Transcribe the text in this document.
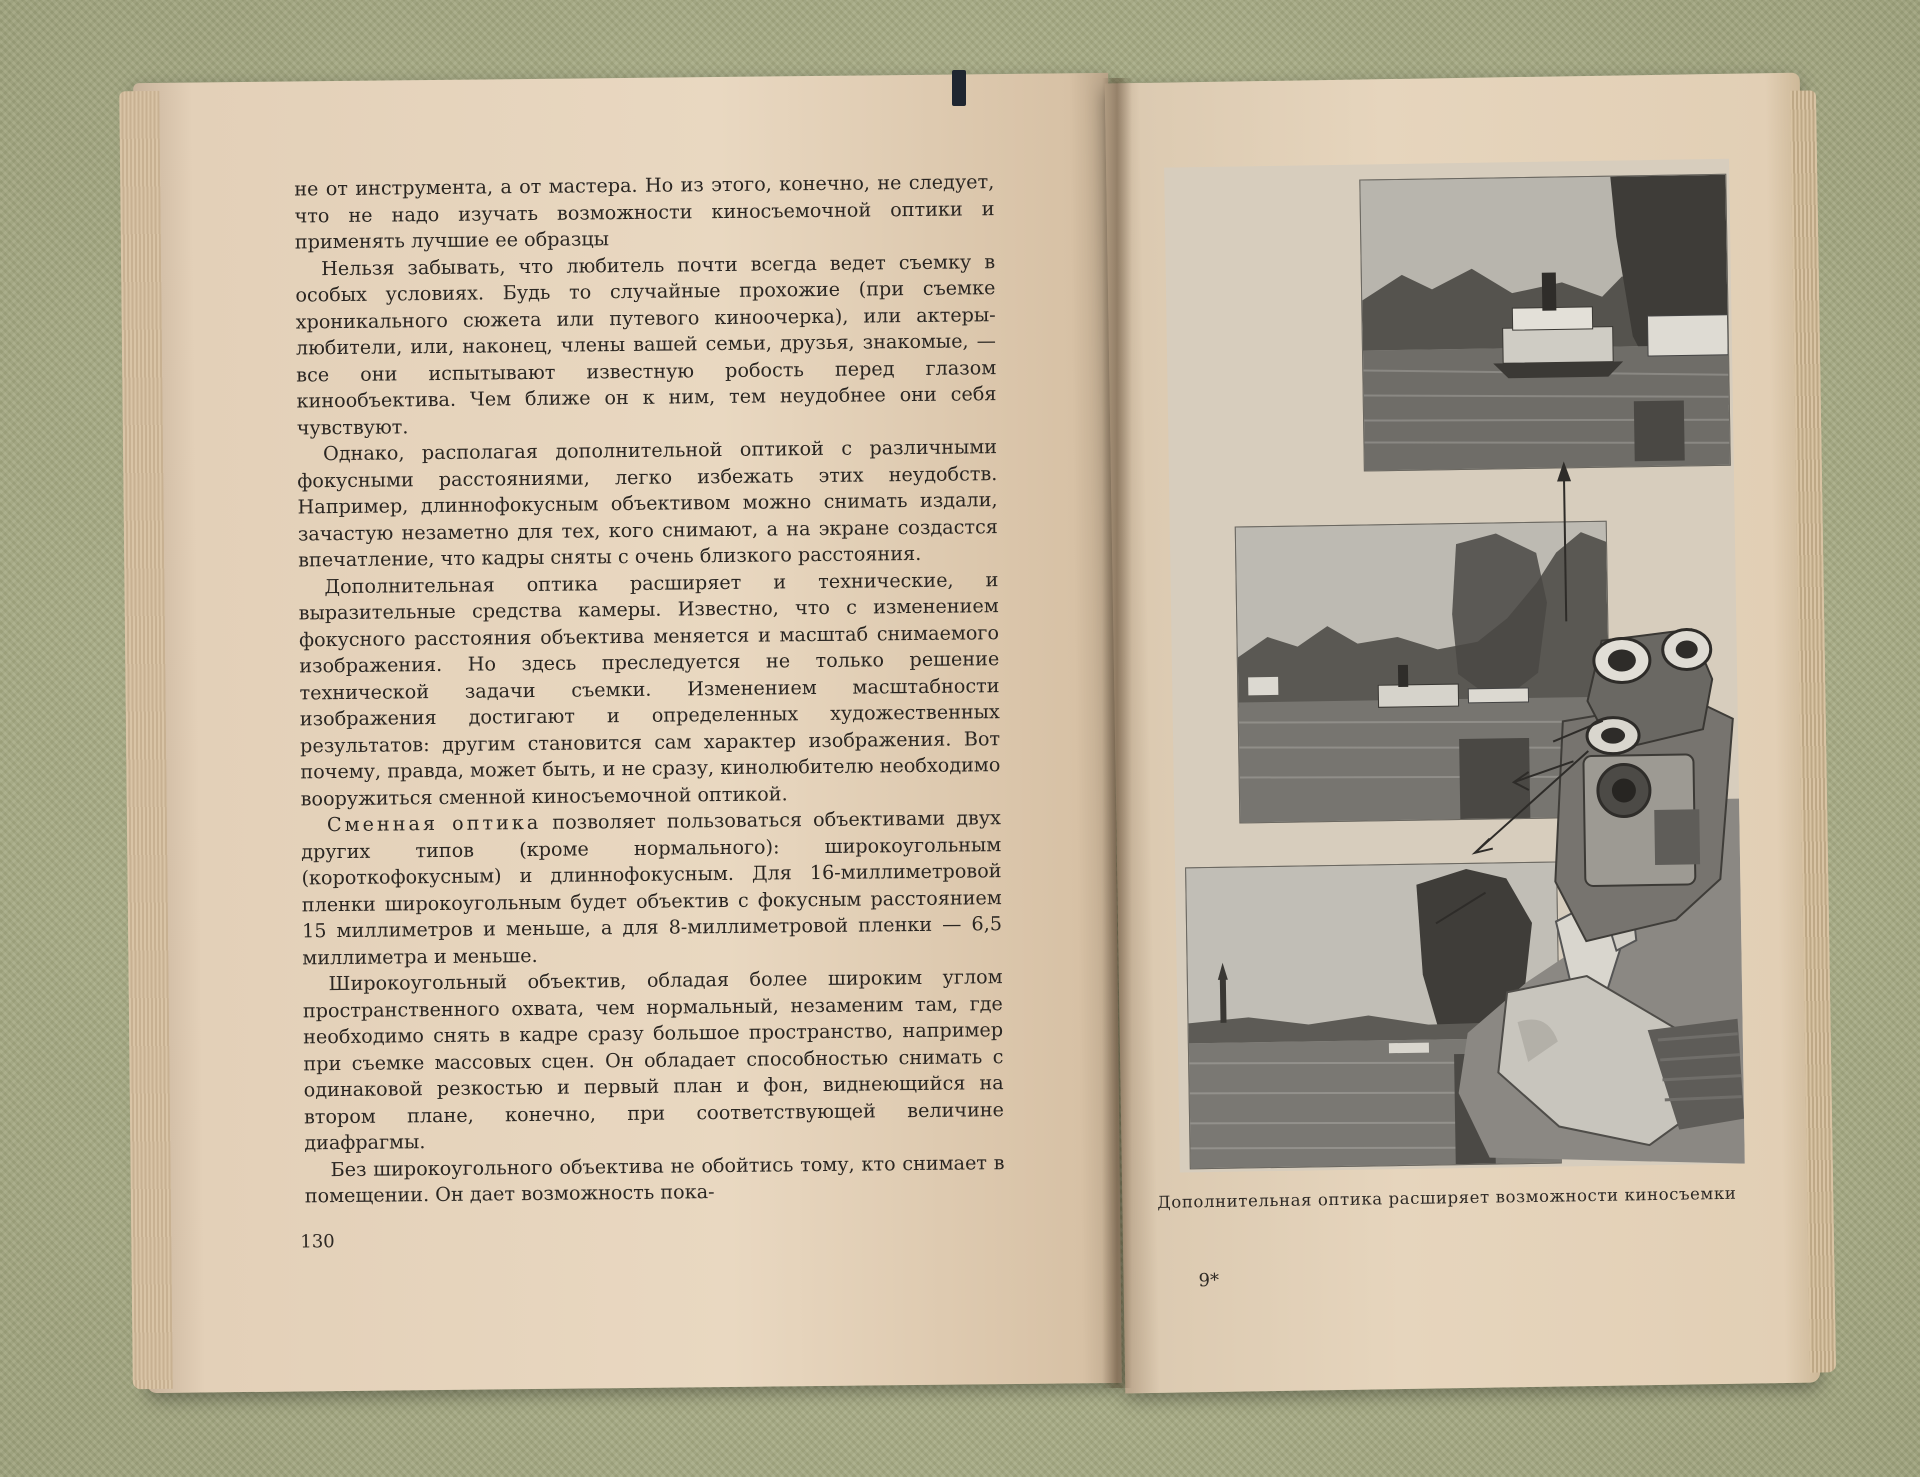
не от инструмента, а от мастера. Но из этого, конечно, не следует, что не надо изучать возможности киносъемочной оптики и применять лучшие ее образцы

Нельзя забывать, что любитель почти всегда ведет съемку в особых условиях. Будь то случайные прохожие (при съемке хроникального сюжета или путевого киноочерка), или актеры-любители, или, наконец, члены вашей семьи, друзья, знакомые, — все они испытывают известную робость перед глазом кинообъектива. Чем ближе он к ним, тем неудобнее они себя чувствуют.

Однако, располагая дополнительной оптикой с различными фокусными расстояниями, легко избежать этих неудобств. Например, длиннофокусным объективом можно снимать издали, зачастую незаметно для тех, кого снимают, а на экране создастся впечатление, что кадры сняты с очень близкого расстояния.

Дополнительная оптика расширяет и технические, и выразительные средства камеры. Известно, что с изменением фокусного расстояния объектива меняется и масштаб снимаемого изображения. Но здесь преследуется не только решение технической задачи съемки. Изменением масштабности изображения достигают и определенных художественных результатов: другим становится сам характер изображения. Вот почему, правда, может быть, и не сразу, кинолюбителю необходимо вооружиться сменной киносъемочной оптикой.

Сменная оптика позволяет пользоваться объективами двух других типов (кроме нормального): широкоугольным (короткофокусным) и длиннофокусным. Для 16-миллиметровой пленки широкоугольным будет объектив с фокусным расстоянием 15 миллиметров и меньше, а для 8-миллиметровой пленки — 6,5 миллиметра и меньше.

Широкоугольный объектив, обладая более широким углом пространственного охвата, чем нормальный, незаменим там, где необходимо снять в кадре сразу большое пространство, например при съемке массовых сцен. Он обладает способностью снимать с одинаковой резкостью и первый план и фон, виднеющийся на втором плане, конечно, при соответствующей величине диафрагмы.

Без широкоугольного объектива не обойтись тому, кто снимает в помещении. Он дает возможность пока-

130
Дополнительная оптика расширяет возможности киносъемки
9*
